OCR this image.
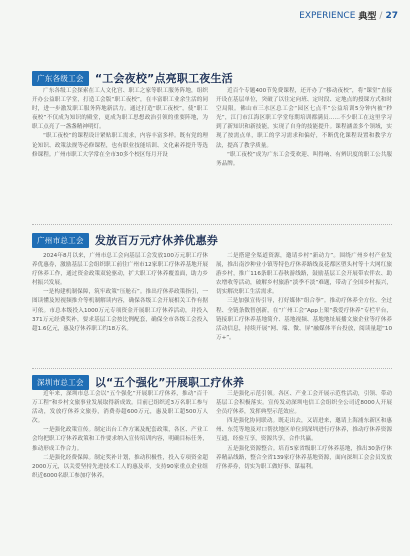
EXPERIENCE 典型 / 27
广东各级工会	“工会夜校”点亮职工夜生活

广东各级工会探索在工人文化宫、职工之家等职工服务阵地，组织开办公益职工学堂，打造工会版“职工夜校”，在丰富职工业余生活的同时，进一步激发职工服务阵地新活力。通过打造“职工夜校”，使“职工夜校”不仅成为知识的殿堂，更成为职工思想政治引领的重要阵地，为职工点亮了一盏盏精神明灯。

“职工夜校”的课程设计紧贴职工需求，内容丰富多样。既有党的理论知识、政策法规等必修课程，也有职业技能培训、文化素养提升等选修课程。广州市职工大学常在全市30多个校区每月开设

近百个专题400节免费课程，还开办了“移动夜校”，将“课堂”直接开设在基层单位，突破了以往定向班、定时段、定地点的授课方式和时空局限。佛山市三水区总工会“园区七点半”公益培训5分钟内被“秒光”，江门市江海区职工学堂每期培训都满员……不少职工在这里学习到了新知识和新技能，实现了自身的技能提升。课程涵盖多个领域，实现了按需点单，职工的学习需求和偏好，不断优化课程设置和教学方法，提高了教学质量。

“职工夜校”成为广东工会受欢迎、叫得响、有辨识度的职工公共服务品牌。

广州市总工会	发放百万元疗休养优惠券

2024年8月以来，广州市总工会向基层工会发放100万元职工疗休养优惠券，激励基层工会组织职工前往广州市12家职工疗休养基地开展疗休养工作，通过资金政策双轮驱动，扩大职工疗休养覆盖面，助力乡村振兴发展。

一是构建机制保障，筑牢政策“压舱石”。推出疗休养政策指引，一图读懂及短视频推介等机制解读内容，确保各级工会开展相关工作有据可依。市总本级投入1000万元专项资金开展职工疗休养活动，并投入371万元经费奖补，要求基层工会按比例配套，确保全市各级工会投入超1.6亿元，惠及疗休养职工约18万名。

二是搭建全渠道资源，邀请乡村“新动力”。围绕广州乡村产业发展，推出南沙种业小镇等特色疗休养路线及花都区塱头村等十大网红旅游乡村，推广116条职工春秋游线路，鼓励基层工会开展带农伴农、助农增收等活动，破解乡村旅游“淡季不淡”难题，带动了全国乡村振兴，切实解决职工生活需求。

三是加强宣传引导，打好媒体“组合拳”。推动疗休养全方位、全过程、全链条数智创新，在“广州工会”App上架“我爱疗休养”专栏平台，链接职工疗休养基地简介、基地视频、基地地址展播文旅企业等疗休养活动信息，持续开展“网、端、微、屏”融媒体平台投放，阅读量超“10万+”。

深圳市总工会	以“五个强化”开展职工疗休养

近年来，深圳市总工会以“五个强化”开展职工疗休养，推动“百千万工程”和乡村文旅事业发展取得新成效。目前已组织近3万名职工参与活动，发放疗休养文旅券，消费券超600万元，惠及职工超500万人次。

一是强化政策宣传。制定出台工作方案及配套政策，各区、产业工会均把职工疗休养政策和工作要求纳入宣传培训内容，明确目标任务，推动形成工作合力。

二是强化经费保障。制定奖补计划，推动积极性，投入专项资金超2000万元，以关爱坚持先进技术工人的惠及率，支持90家重点企业组织近6000名职工参加疗休养。

三是强化示范引领。各区、产业工会开展示范性活动，引领、带动基层工会积极落实。宣传发动深圳电信工会组织全公司近8000人开展全员疗休养，发挥典型示范效应。

四是强化协同联动。既走出去，又请进来，邀请上海浦东新区和惠州、东莞等地及对口帮扶地区单位到深圳进行疗休养，推动疗休养资源互通，经验互享，资源共享，合作共赢。

五是强化资源整合。培育5家省级职工疗休养基地，推出30条疗休养精品线路，整合全省139家疗休养基地资源，面向深圳工会会员发放疗休养券，切实为职工做好事、谋福利。
